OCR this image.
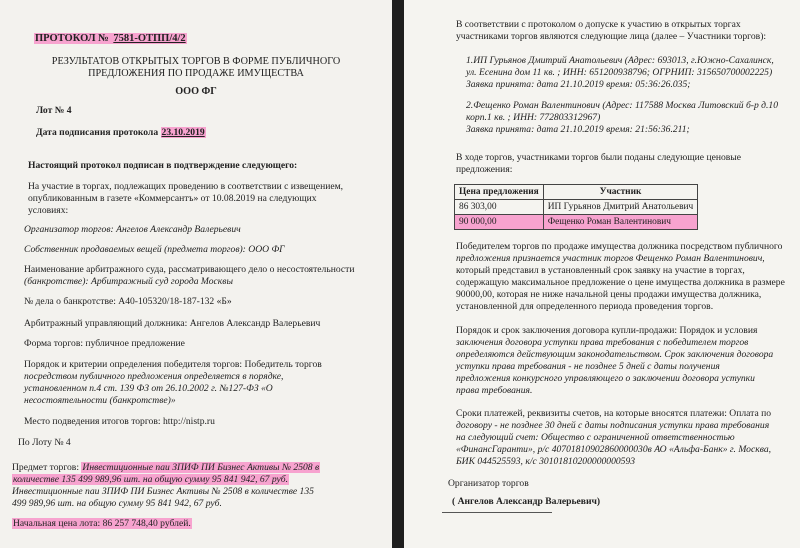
ПРОТОКОЛ № 7581-ОТПП/4/2
РЕЗУЛЬТАТОВ ОТКРЫТЫХ ТОРГОВ В ФОРМЕ ПУБЛИЧНОГО
ПРЕДЛОЖЕНИЯ ПО ПРОДАЖЕ ИМУЩЕСТВА
ООО ФГ
Лот № 4
Дата подписания протокола 23.10.2019
Настоящий протокол подписан в подтверждение следующего:
На участие в торгах, подлежащих проведению в соответствии с извещением,
опубликованным в газете «Коммерсантъ» от 10.08.2019 на следующих
условиях:
Организатор торгов: Ангелов Александр Валерьевич
Собственник продаваемых вещей (предмета торгов): ООО ФГ
Наименование арбитражного суда, рассматривающего дело о несостоятельности
(банкротстве): Арбитражный суд города Москвы
№ дела о банкротстве: А40-105320/18-187-132 «Б»
Арбитражный управляющий должника: Ангелов Александр Валерьевич
Форма торгов: публичное предложение
Порядок и критерии определения победителя торгов: Победитель торгов
посредством публичного предложения определяется в порядке,
установленном п.4 ст. 139 ФЗ от 26.10.2002 г. №127-ФЗ «О
несостоятельности (банкротстве)»
Место подведения итогов торгов: http://nistp.ru
По Лоту № 4
Предмет торгов: Инвестиционные паи ЗПИФ ПИ Бизнес Активы № 2508 в
количестве 135 499 989,96 шт. на общую сумму 95 841 942, 67 руб.
Инвестиционные паи ЗПИФ ПИ Бизнес Активы № 2508 в количестве 135
499 989,96 шт. на общую сумму 95 841 942, 67 руб.
Начальная цена лота: 86 257 748,40 рублей.
В соответствии с протоколом о допуске к участию в открытых торгах
участниками торгов являются следующие лица (далее – Участники торгов):
1.ИП Гурьянов Дмитрий Анатольевич (Адрес: 693013, г.Южно-Сахалинск,
ул. Есенина дом 11 кв. ; ИНН: 651200938796; ОГРНИП: 315650700002225)
Заявка принята: дата 21.10.2019 время: 05:36:26.035;
2.Фещенко Роман Валентинович (Адрес: 117588 Москва Литовский б-р д.10
корп.1 кв. ; ИНН: 772803312967)
Заявка принята: дата 21.10.2019 время: 21:56:36.211;
В ходе торгов, участниками торгов были поданы следующие ценовые
предложения:
Цена предложения	Участник
86 303,00	ИП Гурьянов Дмитрий Анатольевич
90 000,00	Фещенко Роман Валентинович
Победителем торгов по продаже имущества должника посредством публичного
предложения признается участник торгов Фещенко Роман Валентинович,
который представил в установленный срок заявку на участие в торгах,
содержащую максимальное предложение о цене имущества должника в размере
90000,00, которая не ниже начальной цены продажи имущества должника,
установленной для определенного периода проведения торгов.
Порядок и срок заключения договора купли-продажи: Порядок и условия
заключения договора уступки права требования с победителем торгов
определяются действующим законодательством. Срок заключения договора
уступки права требования - не позднее 5 дней с даты получения
предложения конкурсного управляющего о заключении договора уступки
права требования.
Сроки платежей, реквизиты счетов, на которые вносятся платежи: Оплата по
договору - не позднее 30 дней с даты подписания уступки права требования
на следующий счет: Общество с ограниченной ответственностью
«ФинансГаранти», р/с 40701810902860000030в АО «Альфа-Банк» г. Москва,
БИК 044525593, к/с 30101810200000000593
Организатор торгов
( Ангелов Александр Валерьевич)
